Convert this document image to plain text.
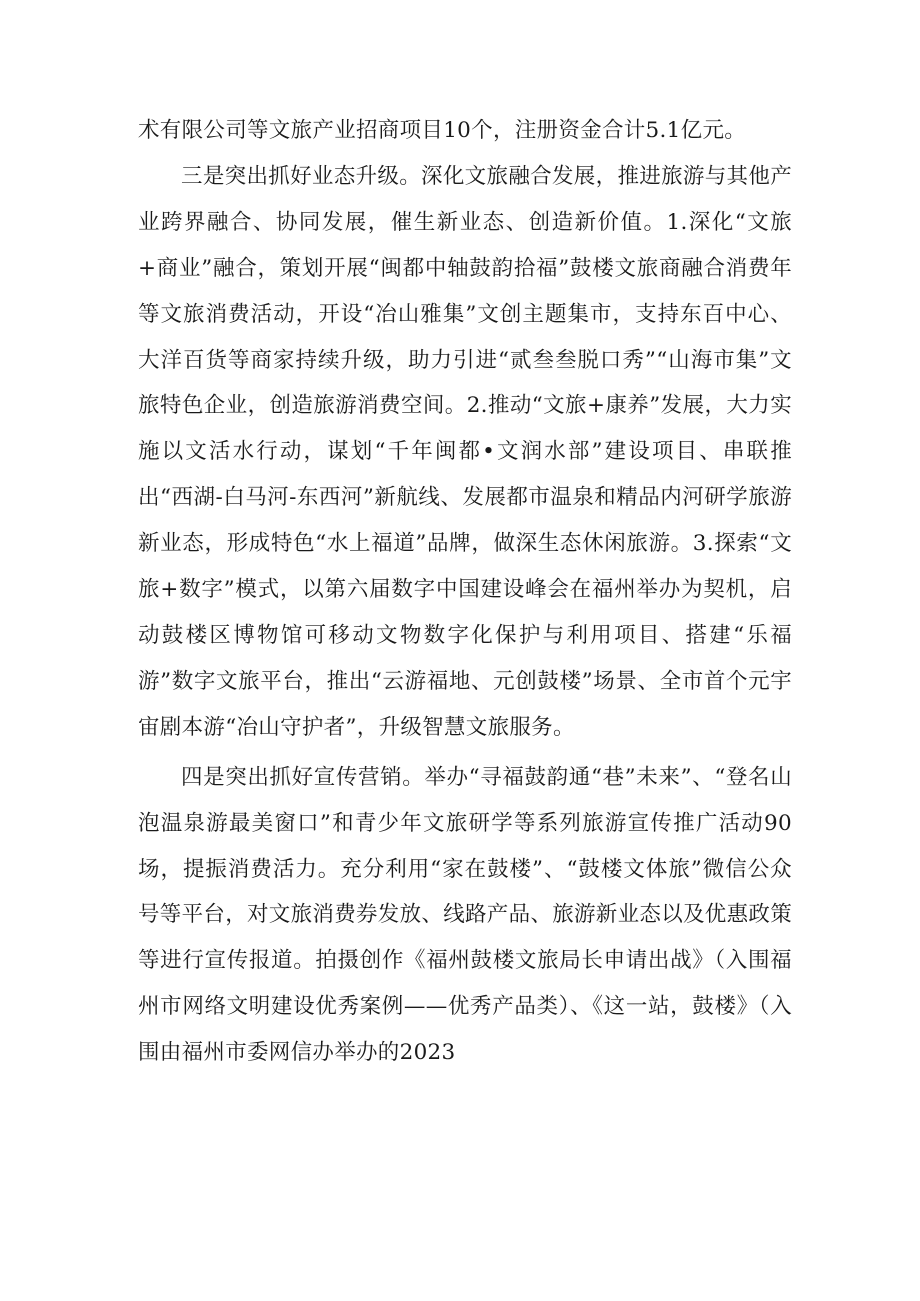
术有限公司等文旅产业招商项目10个，注册资金合计5.1亿元。

三是突出抓好业态升级。深化文旅融合发展，推进旅游与其他产业跨界融合、协同发展，催生新业态、创造新价值。1.深化“文旅+商业”融合，策划开展“闽都中轴鼓韵拾福”鼓楼文旅商融合消费年等文旅消费活动，开设“冶山雅集”文创主题集市，支持东百中心、大洋百货等商家持续升级，助力引进“贰叁叁脱口秀”“山海市集”文旅特色企业，创造旅游消费空间。2.推动“文旅+康养”发展，大力实施以文活水行动，谋划“千年闽都•文润水部”建设项目、串联推出“西湖-白马河-东西河”新航线、发展都市温泉和精品内河研学旅游新业态，形成特色“水上福道”品牌，做深生态休闲旅游。3.探索“文旅+数字”模式，以第六届数字中国建设峰会在福州举办为契机，启动鼓楼区博物馆可移动文物数字化保护与利用项目、搭建“乐福游”数字文旅平台，推出“云游福地、元创鼓楼”场景、全市首个元宇宙剧本游“冶山守护者”，升级智慧文旅服务。

四是突出抓好宣传营销。举办“寻福鼓韵通“巷”未来”、“登名山泡温泉游最美窗口”和青少年文旅研学等系列旅游宣传推广活动90场，提振消费活力。充分利用“家在鼓楼”、“鼓楼文体旅”微信公众号等平台，对文旅消费券发放、线路产品、旅游新业态以及优惠政策等进行宣传报道。拍摄创作《福州鼓楼文旅局长申请出战》（入围福州市网络文明建设优秀案例——优秀产品类）、《这一站，鼓楼》（入围由福州市委网信办举办的2023
